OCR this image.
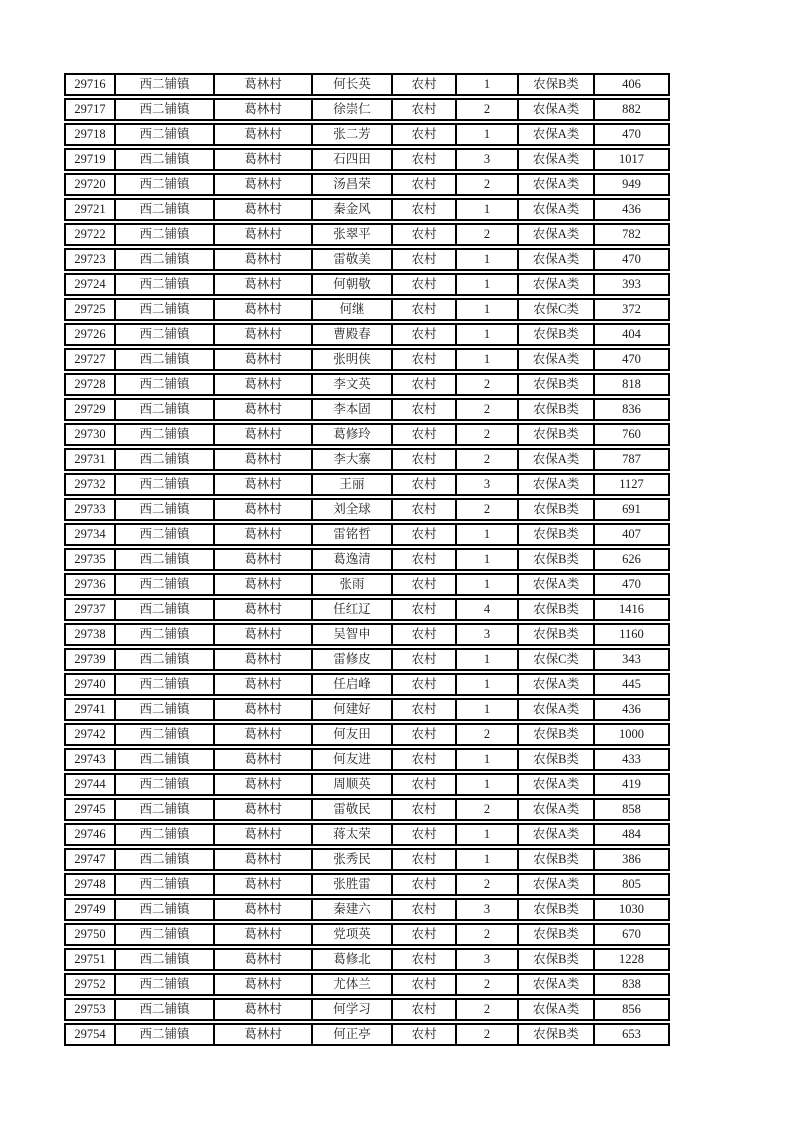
29716	西二铺镇	葛林村	何长英	农村	1	农保B类	406
29717	西二铺镇	葛林村	徐崇仁	农村	2	农保A类	882
29718	西二铺镇	葛林村	张二芳	农村	1	农保A类	470
29719	西二铺镇	葛林村	石四田	农村	3	农保A类	1017
29720	西二铺镇	葛林村	汤昌荣	农村	2	农保A类	949
29721	西二铺镇	葛林村	秦金风	农村	1	农保A类	436
29722	西二铺镇	葛林村	张翠平	农村	2	农保A类	782
29723	西二铺镇	葛林村	雷敬美	农村	1	农保A类	470
29724	西二铺镇	葛林村	何朝敬	农村	1	农保A类	393
29725	西二铺镇	葛林村	何继	农村	1	农保C类	372
29726	西二铺镇	葛林村	曹殿春	农村	1	农保B类	404
29727	西二铺镇	葛林村	张明侠	农村	1	农保A类	470
29728	西二铺镇	葛林村	李文英	农村	2	农保B类	818
29729	西二铺镇	葛林村	李本固	农村	2	农保B类	836
29730	西二铺镇	葛林村	葛修玲	农村	2	农保B类	760
29731	西二铺镇	葛林村	李大寨	农村	2	农保A类	787
29732	西二铺镇	葛林村	王丽	农村	3	农保A类	1127
29733	西二铺镇	葛林村	刘全球	农村	2	农保B类	691
29734	西二铺镇	葛林村	雷铭哲	农村	1	农保B类	407
29735	西二铺镇	葛林村	葛逸清	农村	1	农保B类	626
29736	西二铺镇	葛林村	张雨	农村	1	农保A类	470
29737	西二铺镇	葛林村	任红辽	农村	4	农保B类	1416
29738	西二铺镇	葛林村	吴智申	农村	3	农保B类	1160
29739	西二铺镇	葛林村	雷修皮	农村	1	农保C类	343
29740	西二铺镇	葛林村	任启峰	农村	1	农保A类	445
29741	西二铺镇	葛林村	何建好	农村	1	农保A类	436
29742	西二铺镇	葛林村	何友田	农村	2	农保B类	1000
29743	西二铺镇	葛林村	何友进	农村	1	农保B类	433
29744	西二铺镇	葛林村	周顺英	农村	1	农保A类	419
29745	西二铺镇	葛林村	雷敬民	农村	2	农保A类	858
29746	西二铺镇	葛林村	蒋太荣	农村	1	农保A类	484
29747	西二铺镇	葛林村	张秀民	农村	1	农保B类	386
29748	西二铺镇	葛林村	张胜雷	农村	2	农保A类	805
29749	西二铺镇	葛林村	秦建六	农村	3	农保B类	1030
29750	西二铺镇	葛林村	党项英	农村	2	农保B类	670
29751	西二铺镇	葛林村	葛修北	农村	3	农保B类	1228
29752	西二铺镇	葛林村	尤体兰	农村	2	农保A类	838
29753	西二铺镇	葛林村	何学习	农村	2	农保A类	856
29754	西二铺镇	葛林村	何正亭	农村	2	农保B类	653
